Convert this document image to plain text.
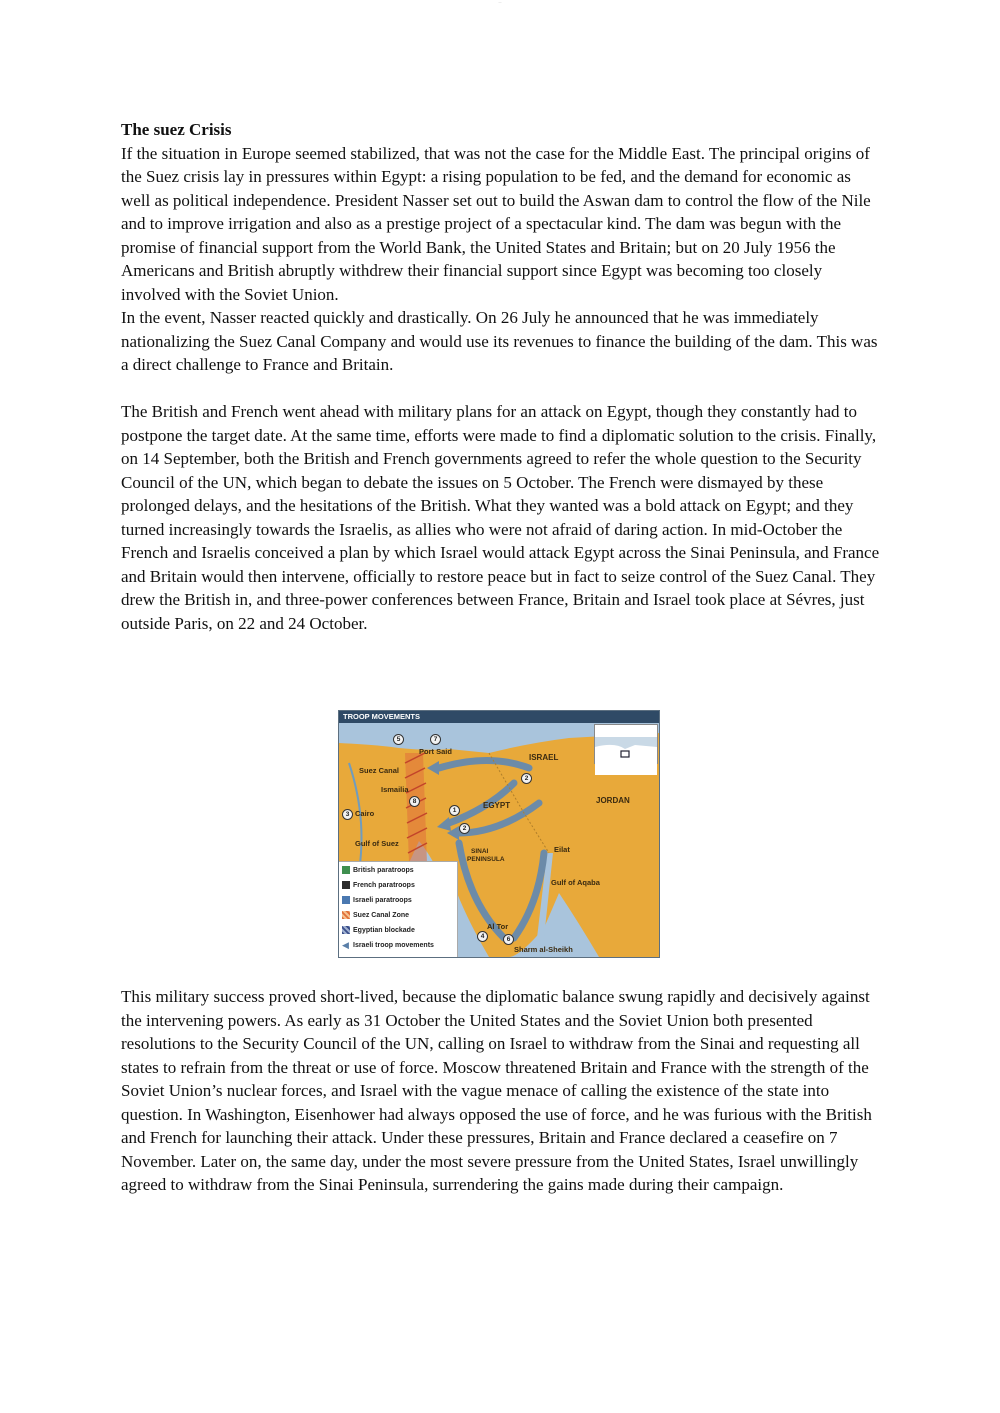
—

The suez Crisis

If the situation in Europe seemed stabilized, that was not the case for the Middle East. The principal origins of the Suez crisis lay in pressures within Egypt: a rising population to be fed, and the demand for economic as well as political independence. President Nasser set out to build the Aswan dam to control the flow of the Nile and to improve irrigation and also as a prestige project of a spectacular kind. The dam was begun with the promise of financial support from the World Bank, the United States and Britain; but on 20 July 1956 the Americans and British abruptly withdrew their financial support since Egypt was becoming too closely involved with the Soviet Union.

In the event, Nasser reacted quickly and drastically. On 26 July he announced that he was immediately nationalizing the Suez Canal Company and would use its revenues to finance the building of the dam. This was a direct challenge to France and Britain.

The British and French went ahead with military plans for an attack on Egypt, though they constantly had to postpone the target date. At the same time, efforts were made to find a diplomatic solution to the crisis. Finally, on 14 September, both the British and French governments agreed to refer the whole question to the Security Council of the UN, which began to debate the issues on 5 October. The French were dismayed by these prolonged delays, and the hesitations of the British. What they wanted was a bold attack on Egypt; and they turned increasingly towards the Israelis, as allies who were not afraid of daring action. In mid-October the French and Israelis conceived a plan by which Israel would attack Egypt across the Sinai Peninsula, and France and Britain would then intervene, officially to restore peace but in fact to seize control of the Suez Canal. They drew the British in, and three-power conferences between France, Britain and Israel took place at Sévres, just outside Paris, on 22 and 24 October.

TROOP MOVEMENTS
Port Said
Suez Canal
Ismailia
Cairo
Gulf of Suez
ISRAEL
EGYPT
JORDAN
SINAI
PENINSULA
Eilat
Gulf of Aqaba
Al Tor
Sharm al-Sheikh
1
2
2
3
4
5
6
7
8
British paratroops
French paratroops
Israeli paratroops
Suez Canal Zone
Egyptian blockade
◀ Israeli troop movements

This military success proved short-lived, because the diplomatic balance swung rapidly and decisively against the intervening powers. As early as 31 October the United States and the Soviet Union both presented resolutions to the Security Council of the UN, calling on Israel to withdraw from the Sinai and requesting all states to refrain from the threat or use of force. Moscow threatened Britain and France with the strength of the Soviet Union’s nuclear forces, and Israel with the vague menace of calling the existence of the state into question. In Washington, Eisenhower had always opposed the use of force, and he was furious with the British and French for launching their attack. Under these pressures, Britain and France declared a ceasefire on 7 November. Later on, the same day, under the most severe pressure from the United States, Israel unwillingly agreed to withdraw from the Sinai Peninsula, surrendering the gains made during their campaign.
